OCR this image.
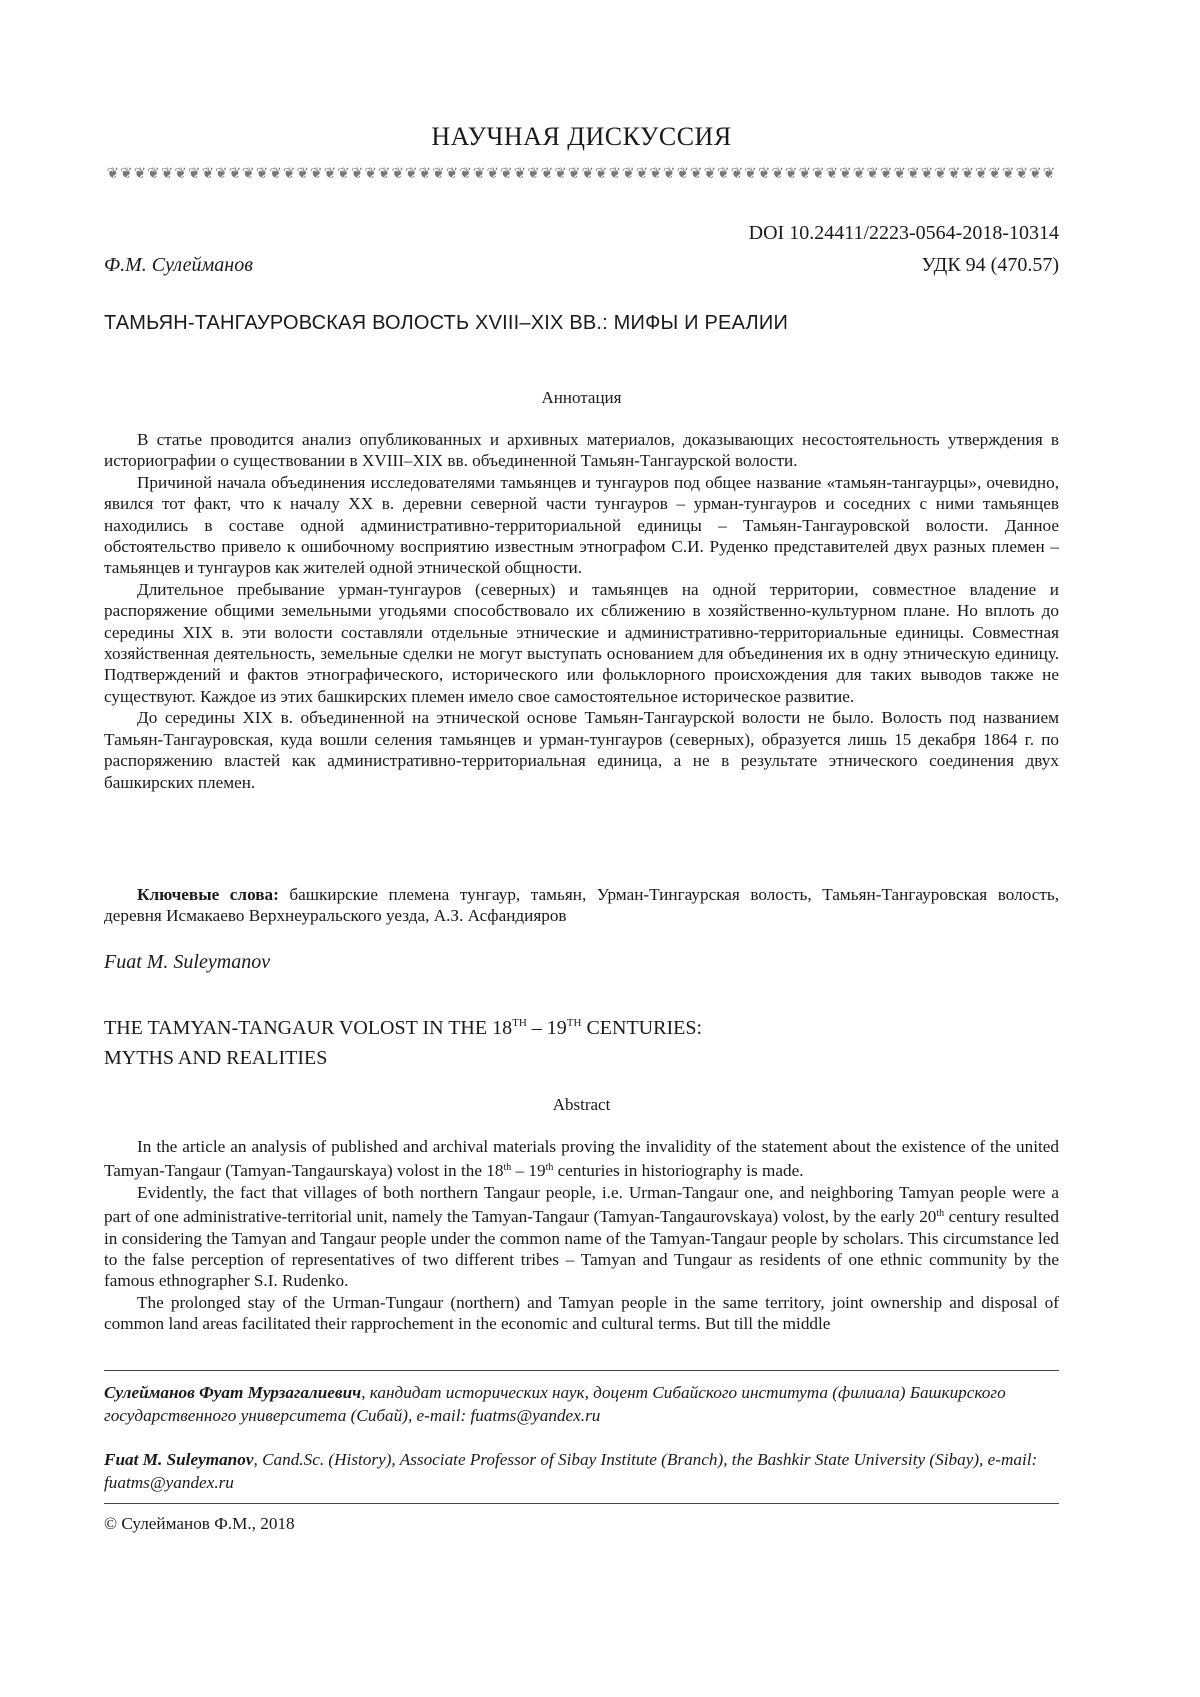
НАУЧНАЯ ДИСКУССИЯ
❦❦❦❦❦❦❦❦❦❦❦❦❦❦❦❦❦❦❦❦❦❦❦❦❦❦❦❦❦❦❦❦❦❦❦❦❦❦❦❦❦❦❦❦❦❦❦❦❦❦❦❦❦❦❦❦❦❦❦❦❦❦❦❦❦❦❦❦❦❦
DOI 10.24411/2223-0564-2018-10314
Ф.М. Сулейманов	УДК 94 (470.57)
ТАМЬЯН-ТАНГАУРОВСКАЯ ВОЛОСТЬ XVIII–XIX ВВ.: МИФЫ И РЕАЛИИ
Аннотация

В статье проводится анализ опубликованных и архивных материалов, доказывающих несостоятельность утверждения в историографии о существовании в XVIII–XIX вв. объединенной Тамьян-Тангаурской волости.

Причиной начала объединения исследователями тамьянцев и тунгауров под общее название «тамьян-тангаурцы», очевидно, явился тот факт, что к началу XX в. деревни северной части тунгауров – урман-тунгауров и соседних с ними тамьянцев находились в составе одной административно-территориальной единицы – Тамьян-Тангауровской волости. Данное обстоятельство привело к ошибочному восприятию известным этнографом С.И. Руденко представителей двух разных племен – тамьянцев и тунгауров как жителей одной этнической общности.

Длительное пребывание урман-тунгауров (северных) и тамьянцев на одной территории, совместное владение и распоряжение общими земельными угодьями способствовало их сближению в хозяйственно-культурном плане. Но вплоть до середины XIX в. эти волости составляли отдельные этнические и административно-территориальные единицы. Совместная хозяйственная деятельность, земельные сделки не могут выступать основанием для объединения их в одну этническую единицу. Подтверждений и фактов этнографического, исторического или фольклорного происхождения для таких выводов также не существуют. Каждое из этих башкирских племен имело свое самостоятельное историческое развитие.

До середины XIX в. объединенной на этнической основе Тамьян-Тангаурской волости не было. Волость под названием Тамьян-Тангауровская, куда вошли селения тамьянцев и урман-тунгауров (северных), образуется лишь 15 декабря 1864 г. по распоряжению властей как административно-территориальная единица, а не в результате этнического соединения двух башкирских племен.

Ключевые слова: башкирские племена тунгаур, тамьян, Урман-Тингаурская волость, Тамьян-Тангауровская волость, деревня Исмакаево Верхнеуральского уезда, А.З. Асфандияров
Fuat M. Suleymanov
THE TAMYAN-TANGAUR VOLOST IN THE 18TH – 19TH CENTURIES:
MYTHS AND REALITIES
Abstract

In the article an analysis of published and archival materials proving the invalidity of the statement about the existence of the united Tamyan-Tangaur (Tamyan-Tangaurskaya) volost in the 18th – 19th centuries in historiography is made.

Evidently, the fact that villages of both northern Tangaur people, i.e. Urman-Tangaur one, and neighboring Tamyan people were a part of one administrative-territorial unit, namely the Tamyan-Tangaur (Tamyan-Tangaurovskaya) volost, by the early 20th century resulted in considering the Tamyan and Tangaur people under the common name of the Tamyan-Tangaur people by scholars. This circumstance led to the false perception of representatives of two different tribes – Tamyan and Tungaur as residents of one ethnic community by the famous ethnographer S.I. Rudenko.

The prolonged stay of the Urman-Tungaur (northern) and Tamyan people in the same territory, joint ownership and disposal of common land areas facilitated their rapprochement in the economic and cultural terms. But till the middle

Сулейманов Фуат Мурзагалиевич, кандидат исторических наук, доцент Сибайского института (филиала) Башкирского государственного университета (Сибай), e-mail: fuatms@yandex.ru
Fuat M. Suleymanov, Cand.Sc. (History), Associate Professor of Sibay Institute (Branch), the Bashkir State University (Sibay), e-mail: fuatms@yandex.ru
© Сулейманов Ф.М., 2018
